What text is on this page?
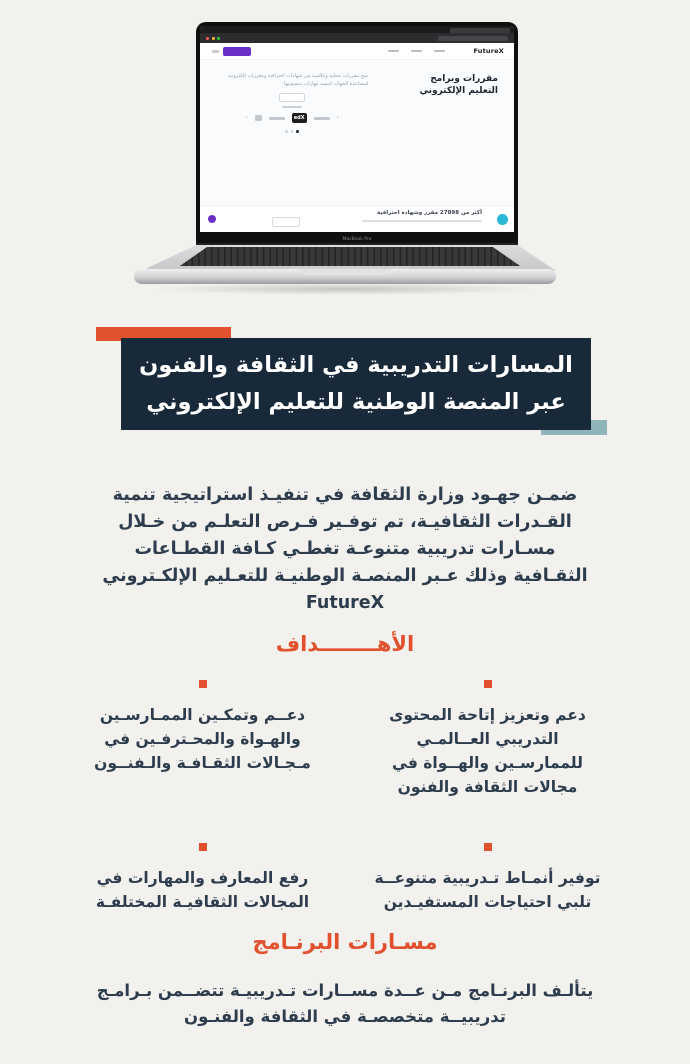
FutureX
مقررات وبرامج
التعليم الإلكتروني
نتيح مقررات محلية وعالمية من شهادات احترافية ومقررات إلكترونية لمساعدة الجهات لتنمية مهارات منسوبيها
‹	edX	›
أكثر من 27898 مقرر وشهادة احترافية
MacBook Pro
المسارات التدريبية في الثقافة والفنون
عبر المنصة الوطنية للتعليم الإلكتروني
ضمـن جهـود وزارة الثقافة في تنفيـذ استراتيجية تنمية القـدرات الثقافيـة، تم توفـير فـرص التعلـم من خـلال مسـارات تدريبية متنوعـة تغطـي كـافة القطـاعات الثقـافية وذلك عـبر المنصـة الوطنيـة للتعـليم الإلكـتروني FutureX
الأهــــــــداف
دعم وتعزيز إتاحة المحتوى التدريبي العــالمـي للممارسـين والهــواة في مجالات الثقافة والفنون
دعــم وتمكـين الممـارسـين والهـواة والمحـترفـين في مـجـالات الثقـافـة والـفنــون
توفير أنمـاط تـدريبية متنوعــة تلبي احتياجات المستفيـدين
رفع المعارف والمهارات في المجالات الثقافيـة المختلفـة
مسـارات البرنـامج
يتألـف البرنـامج مـن عــدة مســارات تـدريبيـة تتضــمن بـرامـج تدريبيــة متخصصـة في الثقافة والفنـون
